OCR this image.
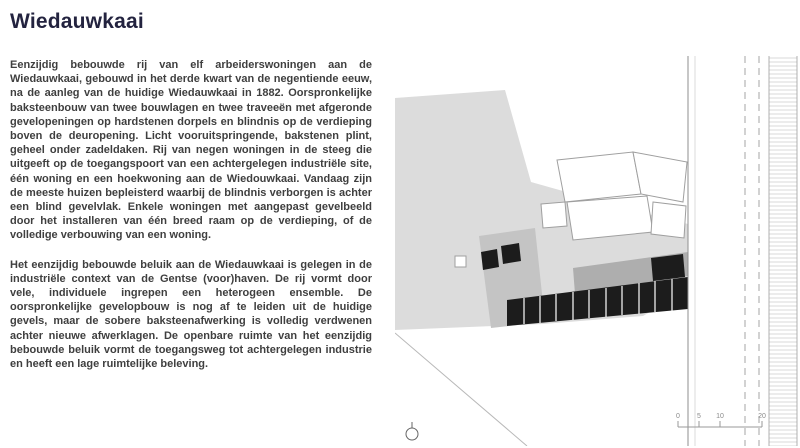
Wiedauwkaai

Eenzijdig bebouwde rij van elf arbeiderswoningen aan de Wiedauwkaai, gebouwd in het derde kwart van de negentiende eeuw, na de aanleg van de huidige Wiedauwkaai in 1882. Oorspronkelijke baksteenbouw van twee bouwlagen en twee traveeën met afgeronde gevelopeningen op hardstenen dorpels en blindnis op de verdieping boven de deuropening. Licht vooruitspringende, bakstenen plint, geheel onder zadeldaken. Rij van negen woningen in de steeg die uitgeeft op de toegangspoort van een achtergelegen industriële site, één woning en een hoekwoning aan de Wiedouwkaai. Vandaag zijn de meeste huizen bepleisterd waarbij de blindnis verborgen is achter een blind gevelvlak. Enkele woningen met aangepast gevelbeeld door het installeren van één breed raam op de verdieping, of de volledige verbouwing van een woning.

Het eenzijdig bebouwde beluik aan de Wiedauwkaai is gelegen in de industriële context van de Gentse (voor)haven. De rij vormt door vele, individuele ingrepen een heterogeen ensemble. De oorspronkelijke gevelopbouw is nog af te leiden uit de huidige gevels, maar de sobere baksteenafwerking is volledig verdwenen achter nieuwe afwerklagen. De openbare ruimte van het eenzijdig bebouwde beluik vormt de toegangsweg tot achtergelegen industrie en heeft een lage ruimtelijke beleving.

0 5 10	20
